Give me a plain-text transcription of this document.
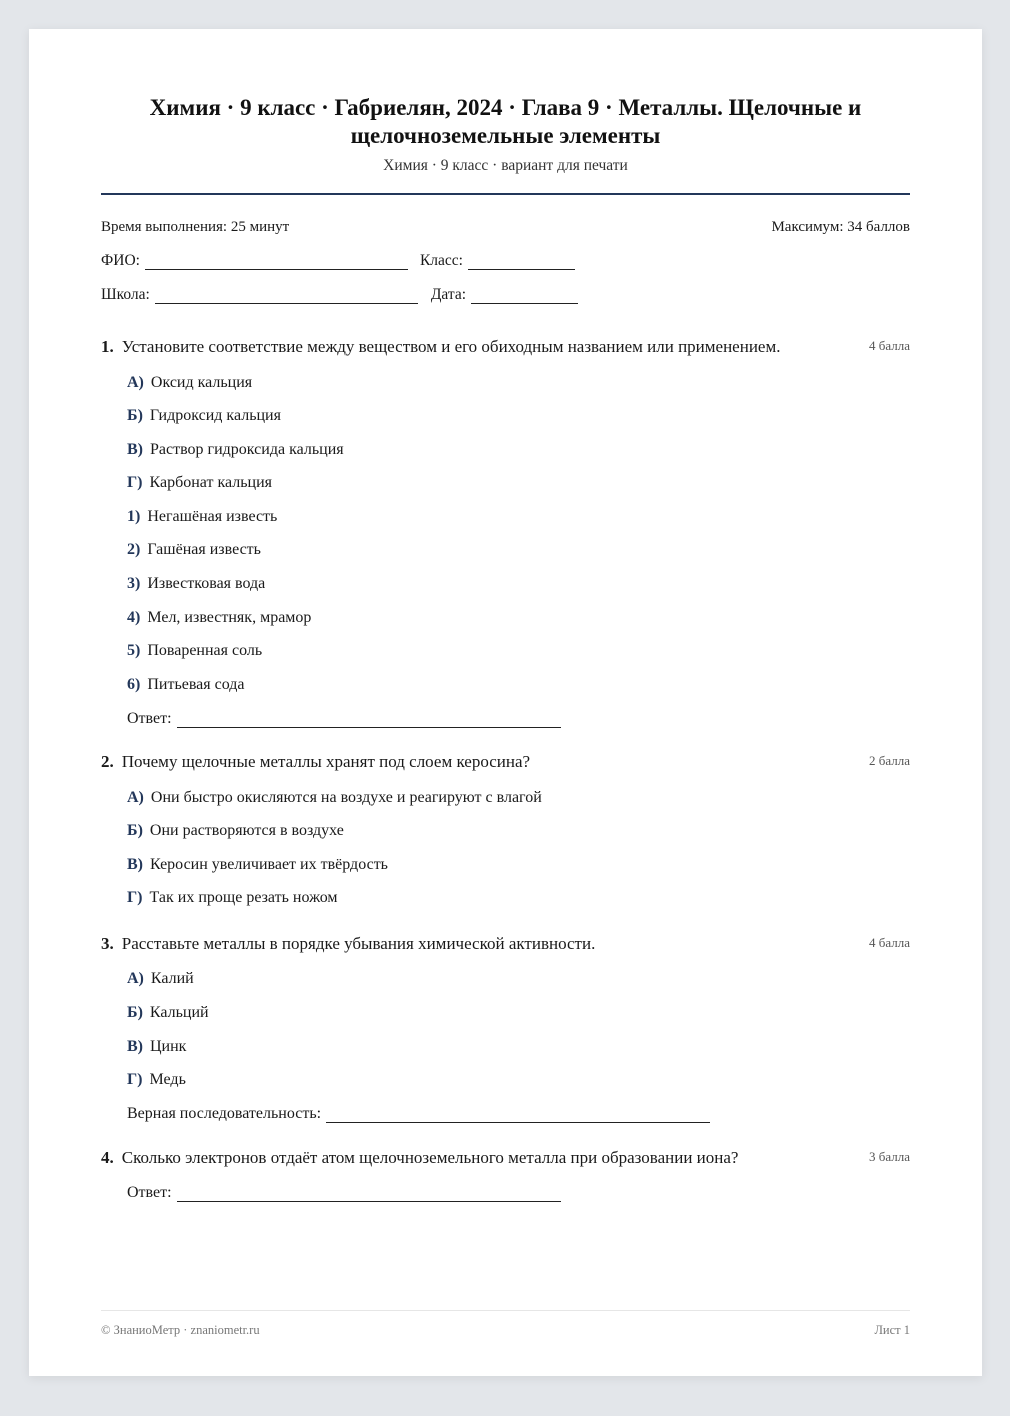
Химия · 9 класс · Габриелян, 2024 · Глава 9 · Металлы. Щелочные и щелочноземельные элементы
Химия · 9 класс · вариант для печати
Время выполнения: 25 минут	Максимум: 34 баллов
ФИО:	Класс:
Школа:	Дата:
1. Установите соответствие между веществом и его обиходным названием или применением.	4 балла
А) Оксид кальция
Б) Гидроксид кальция
В) Раствор гидроксида кальция
Г) Карбонат кальция
1) Негашёная известь
2) Гашёная известь
3) Известковая вода
4) Мел, известняк, мрамор
5) Поваренная соль
6) Питьевая сода
Ответ:
2. Почему щелочные металлы хранят под слоем керосина?	2 балла
А) Они быстро окисляются на воздухе и реагируют с влагой
Б) Они растворяются в воздухе
В) Керосин увеличивает их твёрдость
Г) Так их проще резать ножом
3. Расставьте металлы в порядке убывания химической активности.	4 балла
А) Калий
Б) Кальций
В) Цинк
Г) Медь
Верная последовательность:
4. Сколько электронов отдаёт атом щелочноземельного металла при образовании иона?	3 балла
Ответ:
© ЗнаниоМетр · znaniometr.ru	Лист 1
